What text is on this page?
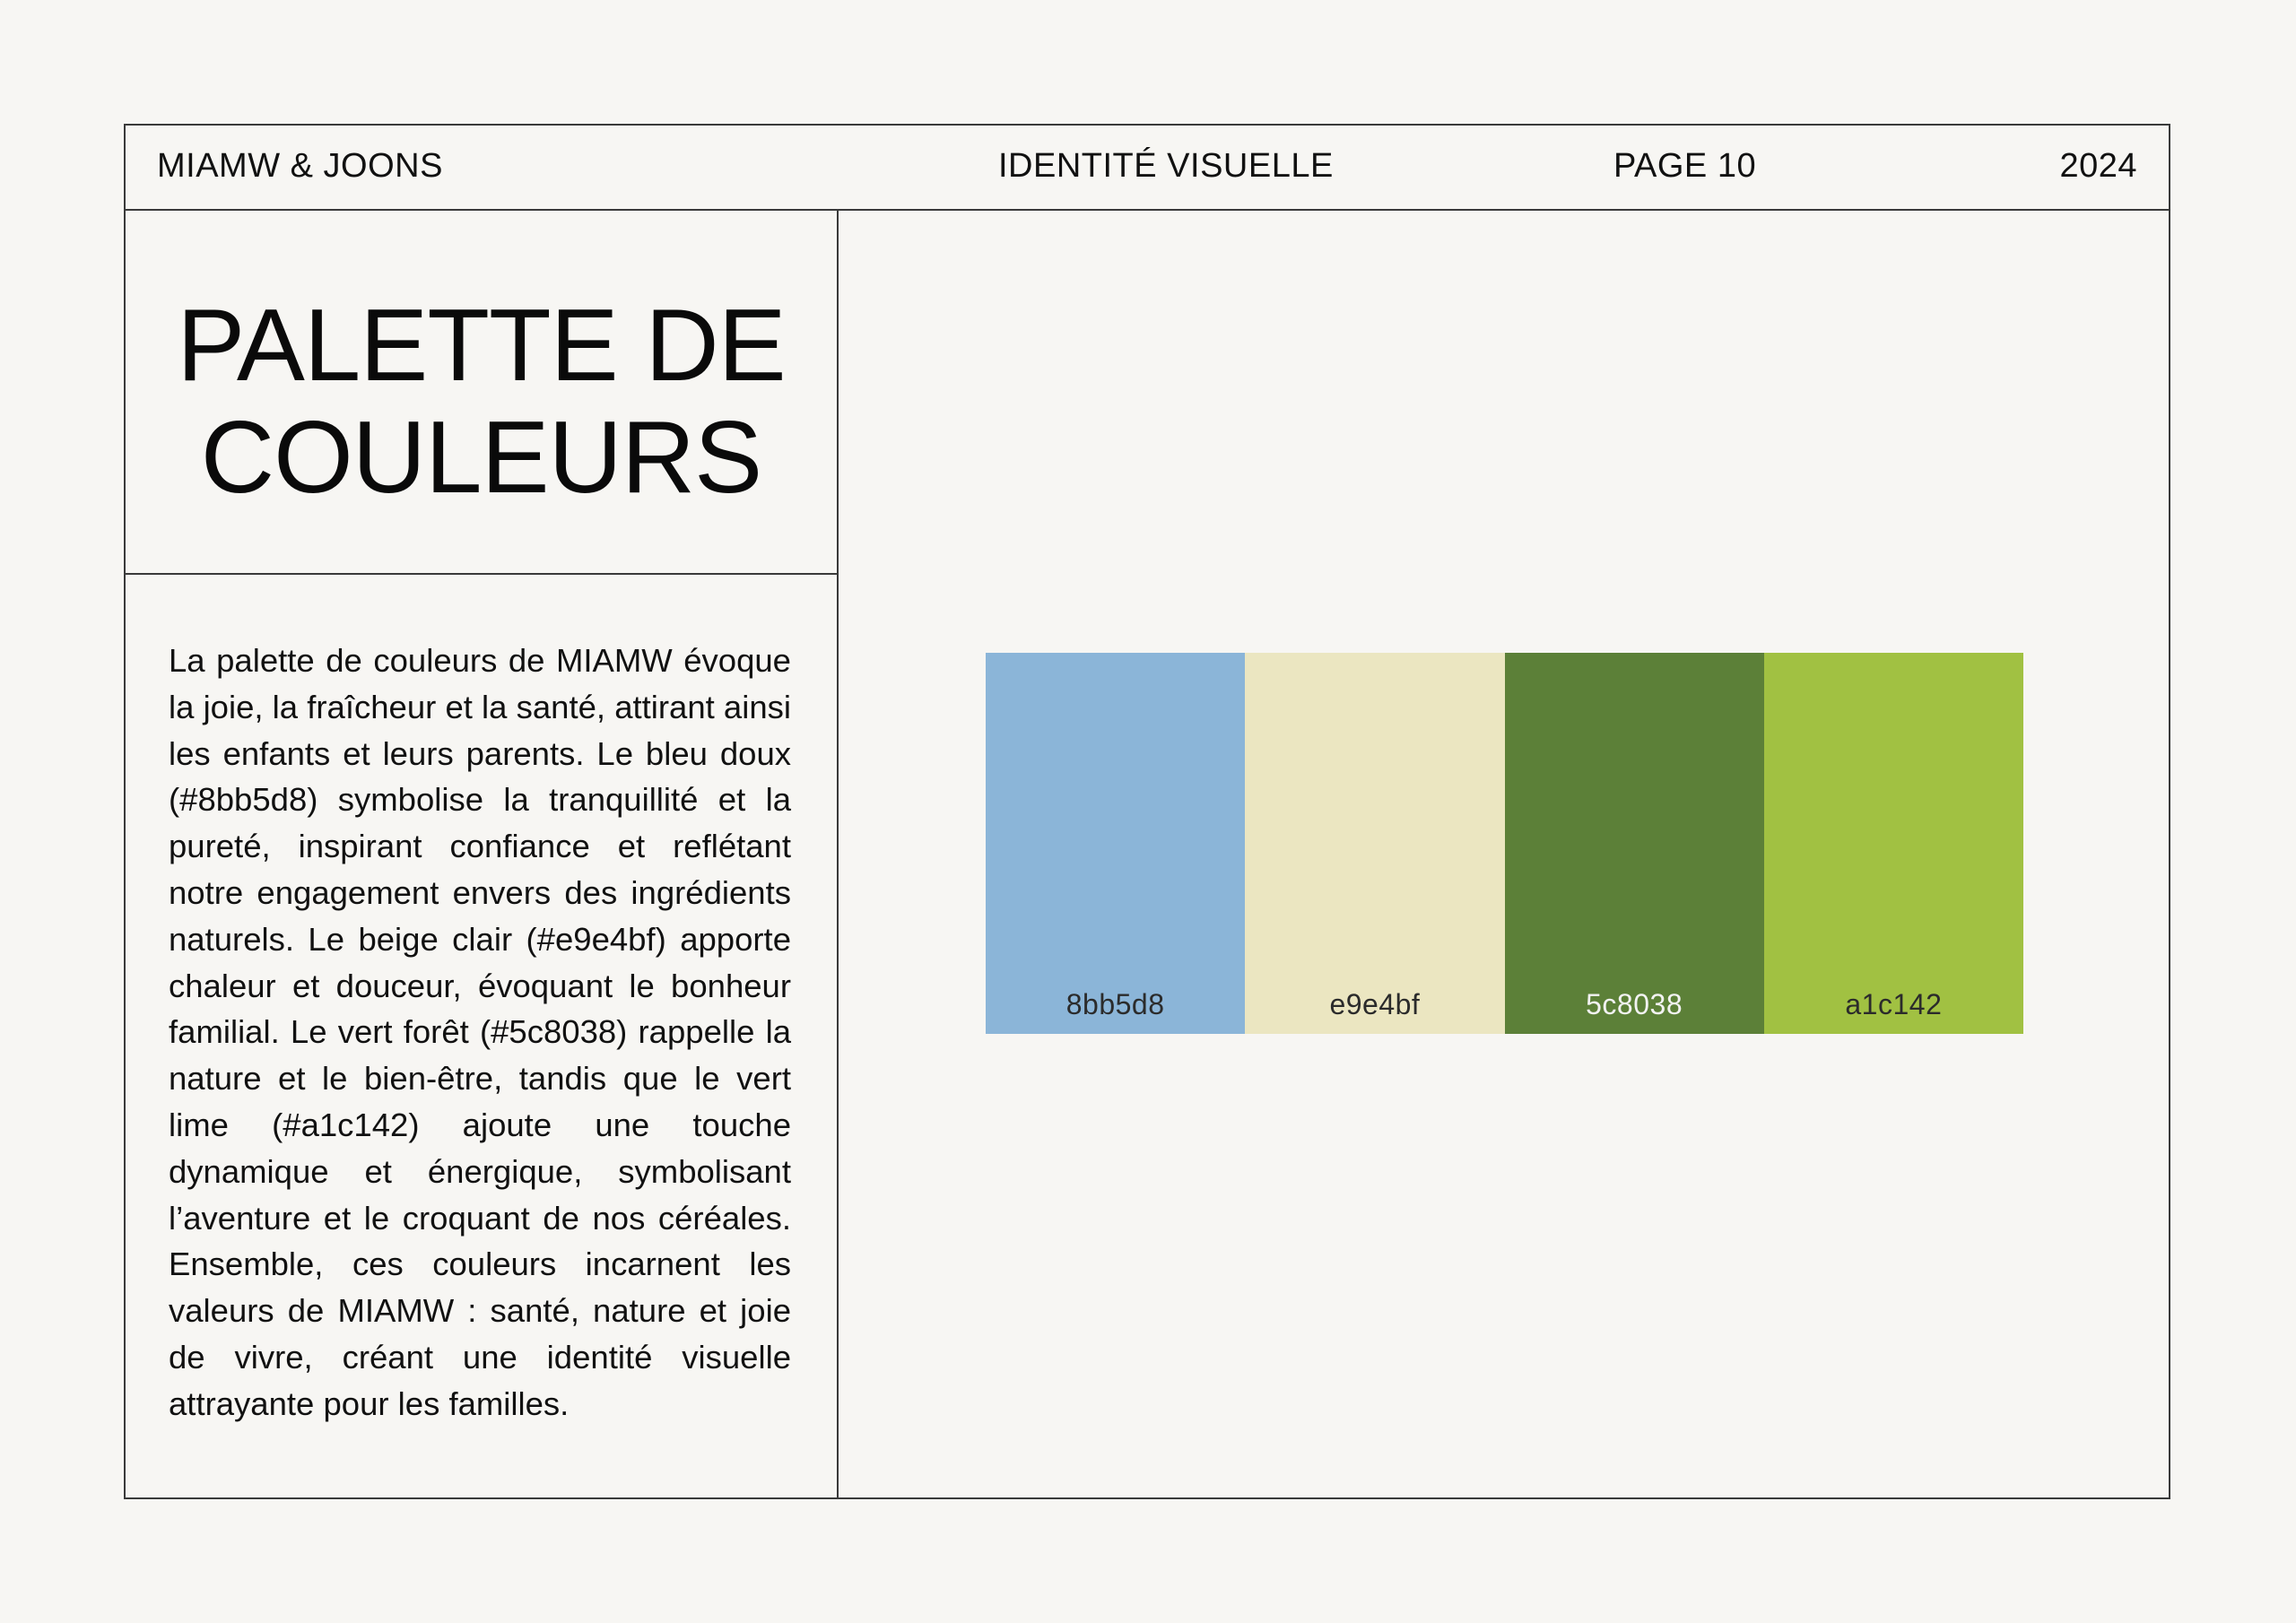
MIAMW & JOONS	IDENTITÉ VISUELLE	PAGE 10	2024
PALETTE DE
COULEURS

La palette de couleurs de MIAMW évoque la joie, la fraîcheur et la santé, attirant ainsi les enfants et leurs parents. Le bleu doux (#8bb5d8) symbolise la tranquillité et la pureté, inspirant confiance et reflétant notre engagement envers des ingrédients naturels. Le beige clair (#e9e4bf) apporte chaleur et douceur, évoquant le bonheur familial. Le vert forêt (#5c8038) rappelle la nature et le bien-être, tandis que le vert lime (#a1c142) ajoute une touche dynamique et énergique, symbolisant l’aventure et le croquant de nos céréales. Ensemble, ces couleurs incarnent les valeurs de MIAMW : santé, nature et joie de vivre, créant une identité visuelle attrayante pour les familles.

8bb5d8	e9e4bf	5c8038	a1c142
